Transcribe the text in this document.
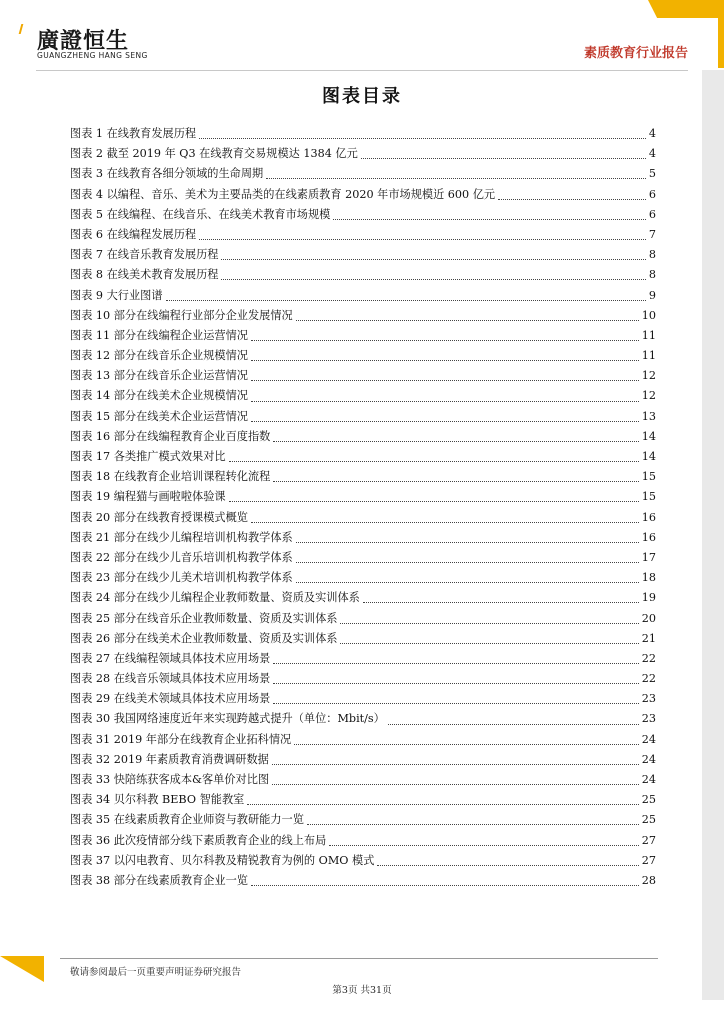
廣證恒生
GUANGZHENG HANG SENG	素质教育行业报告
图表目录
图表 1 在线教育发展历程	4
图表 2 截至 2019 年 Q3 在线教育交易规模达 1384 亿元	4
图表 3 在线教育各细分领域的生命周期	5
图表 4 以编程、音乐、美术为主要品类的在线素质教育 2020 年市场规模近 600 亿元	6
图表 5 在线编程、在线音乐、在线美术教育市场规模	6
图表 6 在线编程发展历程	7
图表 7 在线音乐教育发展历程	8
图表 8 在线美术教育发展历程	8
图表 9 大行业图谱	9
图表 10 部分在线编程行业部分企业发展情况	10
图表 11 部分在线编程企业运营情况	11
图表 12 部分在线音乐企业规模情况	11
图表 13 部分在线音乐企业运营情况	12
图表 14 部分在线美术企业规模情况	12
图表 15 部分在线美术企业运营情况	13
图表 16 部分在线编程教育企业百度指数	14
图表 17 各类推广模式效果对比	14
图表 18 在线教育企业培训课程转化流程	15
图表 19 编程猫与画啦啦体验课	15
图表 20 部分在线教育授课模式概览	16
图表 21 部分在线少儿编程培训机构教学体系	16
图表 22 部分在线少儿音乐培训机构教学体系	17
图表 23 部分在线少儿美术培训机构教学体系	18
图表 24 部分在线少儿编程企业教师数量、资质及实训体系	19
图表 25 部分在线音乐企业教师数量、资质及实训体系	20
图表 26 部分在线美术企业教师数量、资质及实训体系	21
图表 27 在线编程领域具体技术应用场景	22
图表 28 在线音乐领域具体技术应用场景	22
图表 29 在线美术领域具体技术应用场景	23
图表 30 我国网络速度近年来实现跨越式提升（单位：Mbit/s）	23
图表 31 2019 年部分在线教育企业拓科情况	24
图表 32 2019 年素质教育消费调研数据	24
图表 33 快陪练获客成本&客单价对比图	24
图表 34 贝尔科教 BEBO 智能教室	25
图表 35 在线素质教育企业师资与教研能力一览	25
图表 36 此次疫情部分线下素质教育企业的线上布局	27
图表 37 以闪电教育、贝尔科教及精锐教育为例的 OMO 模式	27
图表 38 部分在线素质教育企业一览	28
敬请参阅最后一页重要声明证券研究报告
第3页 共31页
